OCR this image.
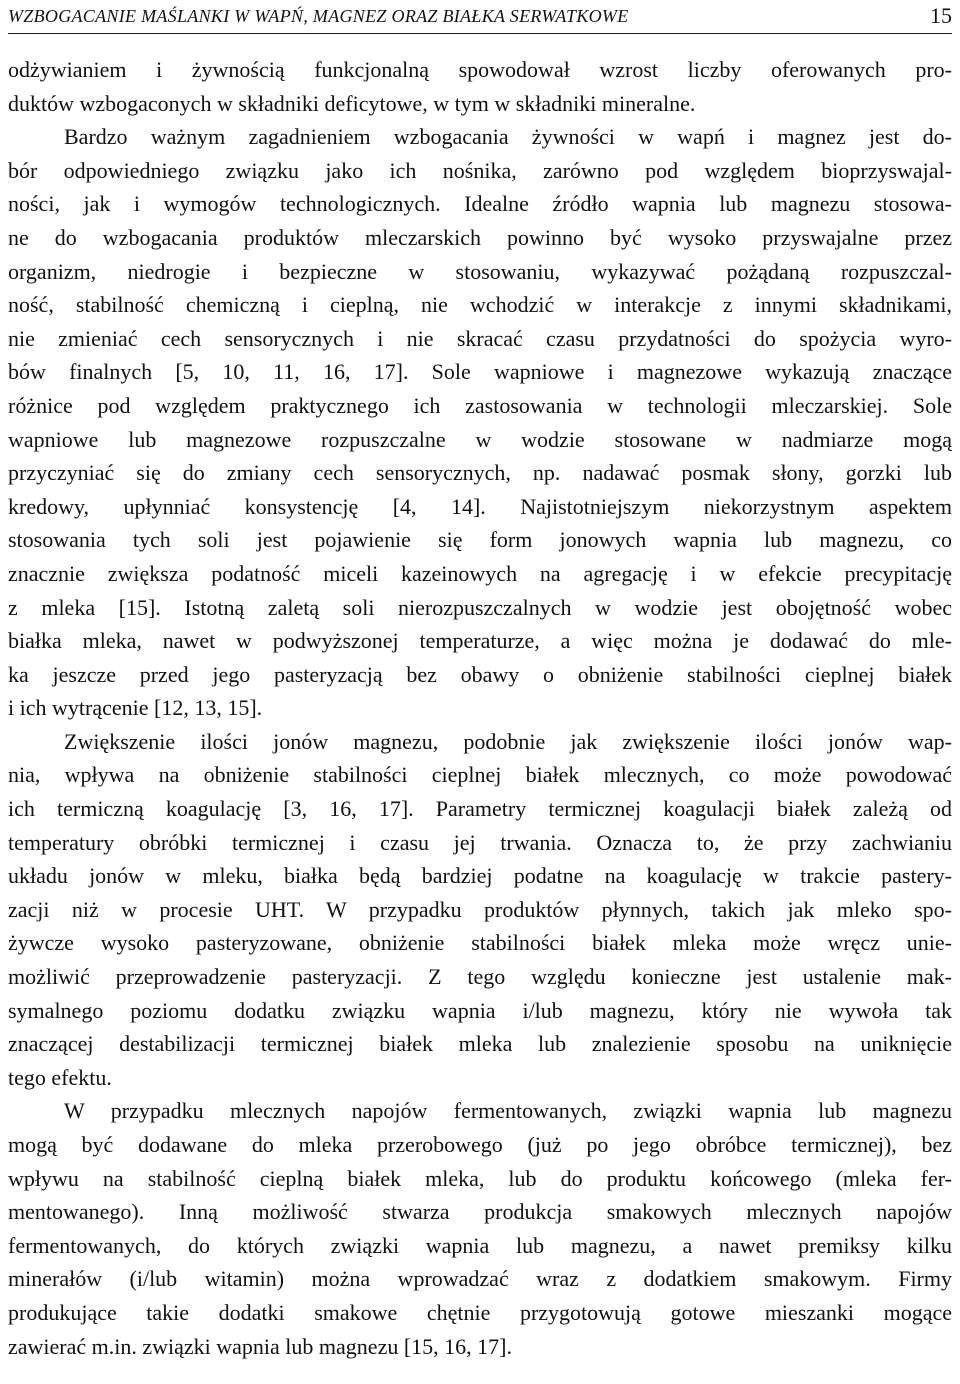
WZBOGACANIE MAŚLANKI W WAPŃ, MAGNEZ ORAZ BIAŁKA SERWATKOWE	15
odżywianiem i żywnością funkcjonalną spowodował wzrost liczby oferowanych pro-
duktów wzbogaconych w składniki deficytowe, w tym w składniki mineralne.
Bardzo ważnym zagadnieniem wzbogacania żywności w wapń i magnez jest do-
bór odpowiedniego związku jako ich nośnika, zarówno pod względem bioprzyswajal-
ności, jak i wymogów technologicznych. Idealne źródło wapnia lub magnezu stosowa-
ne do wzbogacania produktów mleczarskich powinno być wysoko przyswajalne przez
organizm, niedrogie i bezpieczne w stosowaniu, wykazywać pożądaną rozpuszczal-
ność, stabilność chemiczną i cieplną, nie wchodzić w interakcje z innymi składnikami,
nie zmieniać cech sensorycznych i nie skracać czasu przydatności do spożycia wyro-
bów finalnych [5, 10, 11, 16, 17]. Sole wapniowe i magnezowe wykazują znaczące
różnice pod względem praktycznego ich zastosowania w technologii mleczarskiej. Sole
wapniowe lub magnezowe rozpuszczalne w wodzie stosowane w nadmiarze mogą
przyczyniać się do zmiany cech sensorycznych, np. nadawać posmak słony, gorzki lub
kredowy, upłynniać konsystencję [4, 14]. Najistotniejszym niekorzystnym aspektem
stosowania tych soli jest pojawienie się form jonowych wapnia lub magnezu, co
znacznie zwiększa podatność miceli kazeinowych na agregację i w efekcie precypitację
z mleka [15]. Istotną zaletą soli nierozpuszczalnych w wodzie jest obojętność wobec
białka mleka, nawet w podwyższonej temperaturze, a więc można je dodawać do mle-
ka jeszcze przed jego pasteryzacją bez obawy o obniżenie stabilności cieplnej białek
i ich wytrącenie [12, 13, 15].
Zwiększenie ilości jonów magnezu, podobnie jak zwiększenie ilości jonów wap-
nia, wpływa na obniżenie stabilności cieplnej białek mlecznych, co może powodować
ich termiczną koagulację [3, 16, 17]. Parametry termicznej koagulacji białek zależą od
temperatury obróbki termicznej i czasu jej trwania. Oznacza to, że przy zachwianiu
układu jonów w mleku, białka będą bardziej podatne na koagulację w trakcie pastery-
zacji niż w procesie UHT. W przypadku produktów płynnych, takich jak mleko spo-
żywcze wysoko pasteryzowane, obniżenie stabilności białek mleka może wręcz unie-
możliwić przeprowadzenie pasteryzacji. Z tego względu konieczne jest ustalenie mak-
symalnego poziomu dodatku związku wapnia i/lub magnezu, który nie wywoła tak
znaczącej destabilizacji termicznej białek mleka lub znalezienie sposobu na uniknięcie
tego efektu.
W przypadku mlecznych napojów fermentowanych, związki wapnia lub magnezu
mogą być dodawane do mleka przerobowego (już po jego obróbce termicznej), bez
wpływu na stabilność cieplną białek mleka, lub do produktu końcowego (mleka fer-
mentowanego). Inną możliwość stwarza produkcja smakowych mlecznych napojów
fermentowanych, do których związki wapnia lub magnezu, a nawet premiksy kilku
minerałów (i/lub witamin) można wprowadzać wraz z dodatkiem smakowym. Firmy
produkujące takie dodatki smakowe chętnie przygotowują gotowe mieszanki mogące
zawierać m.in. związki wapnia lub magnezu [15, 16, 17].
